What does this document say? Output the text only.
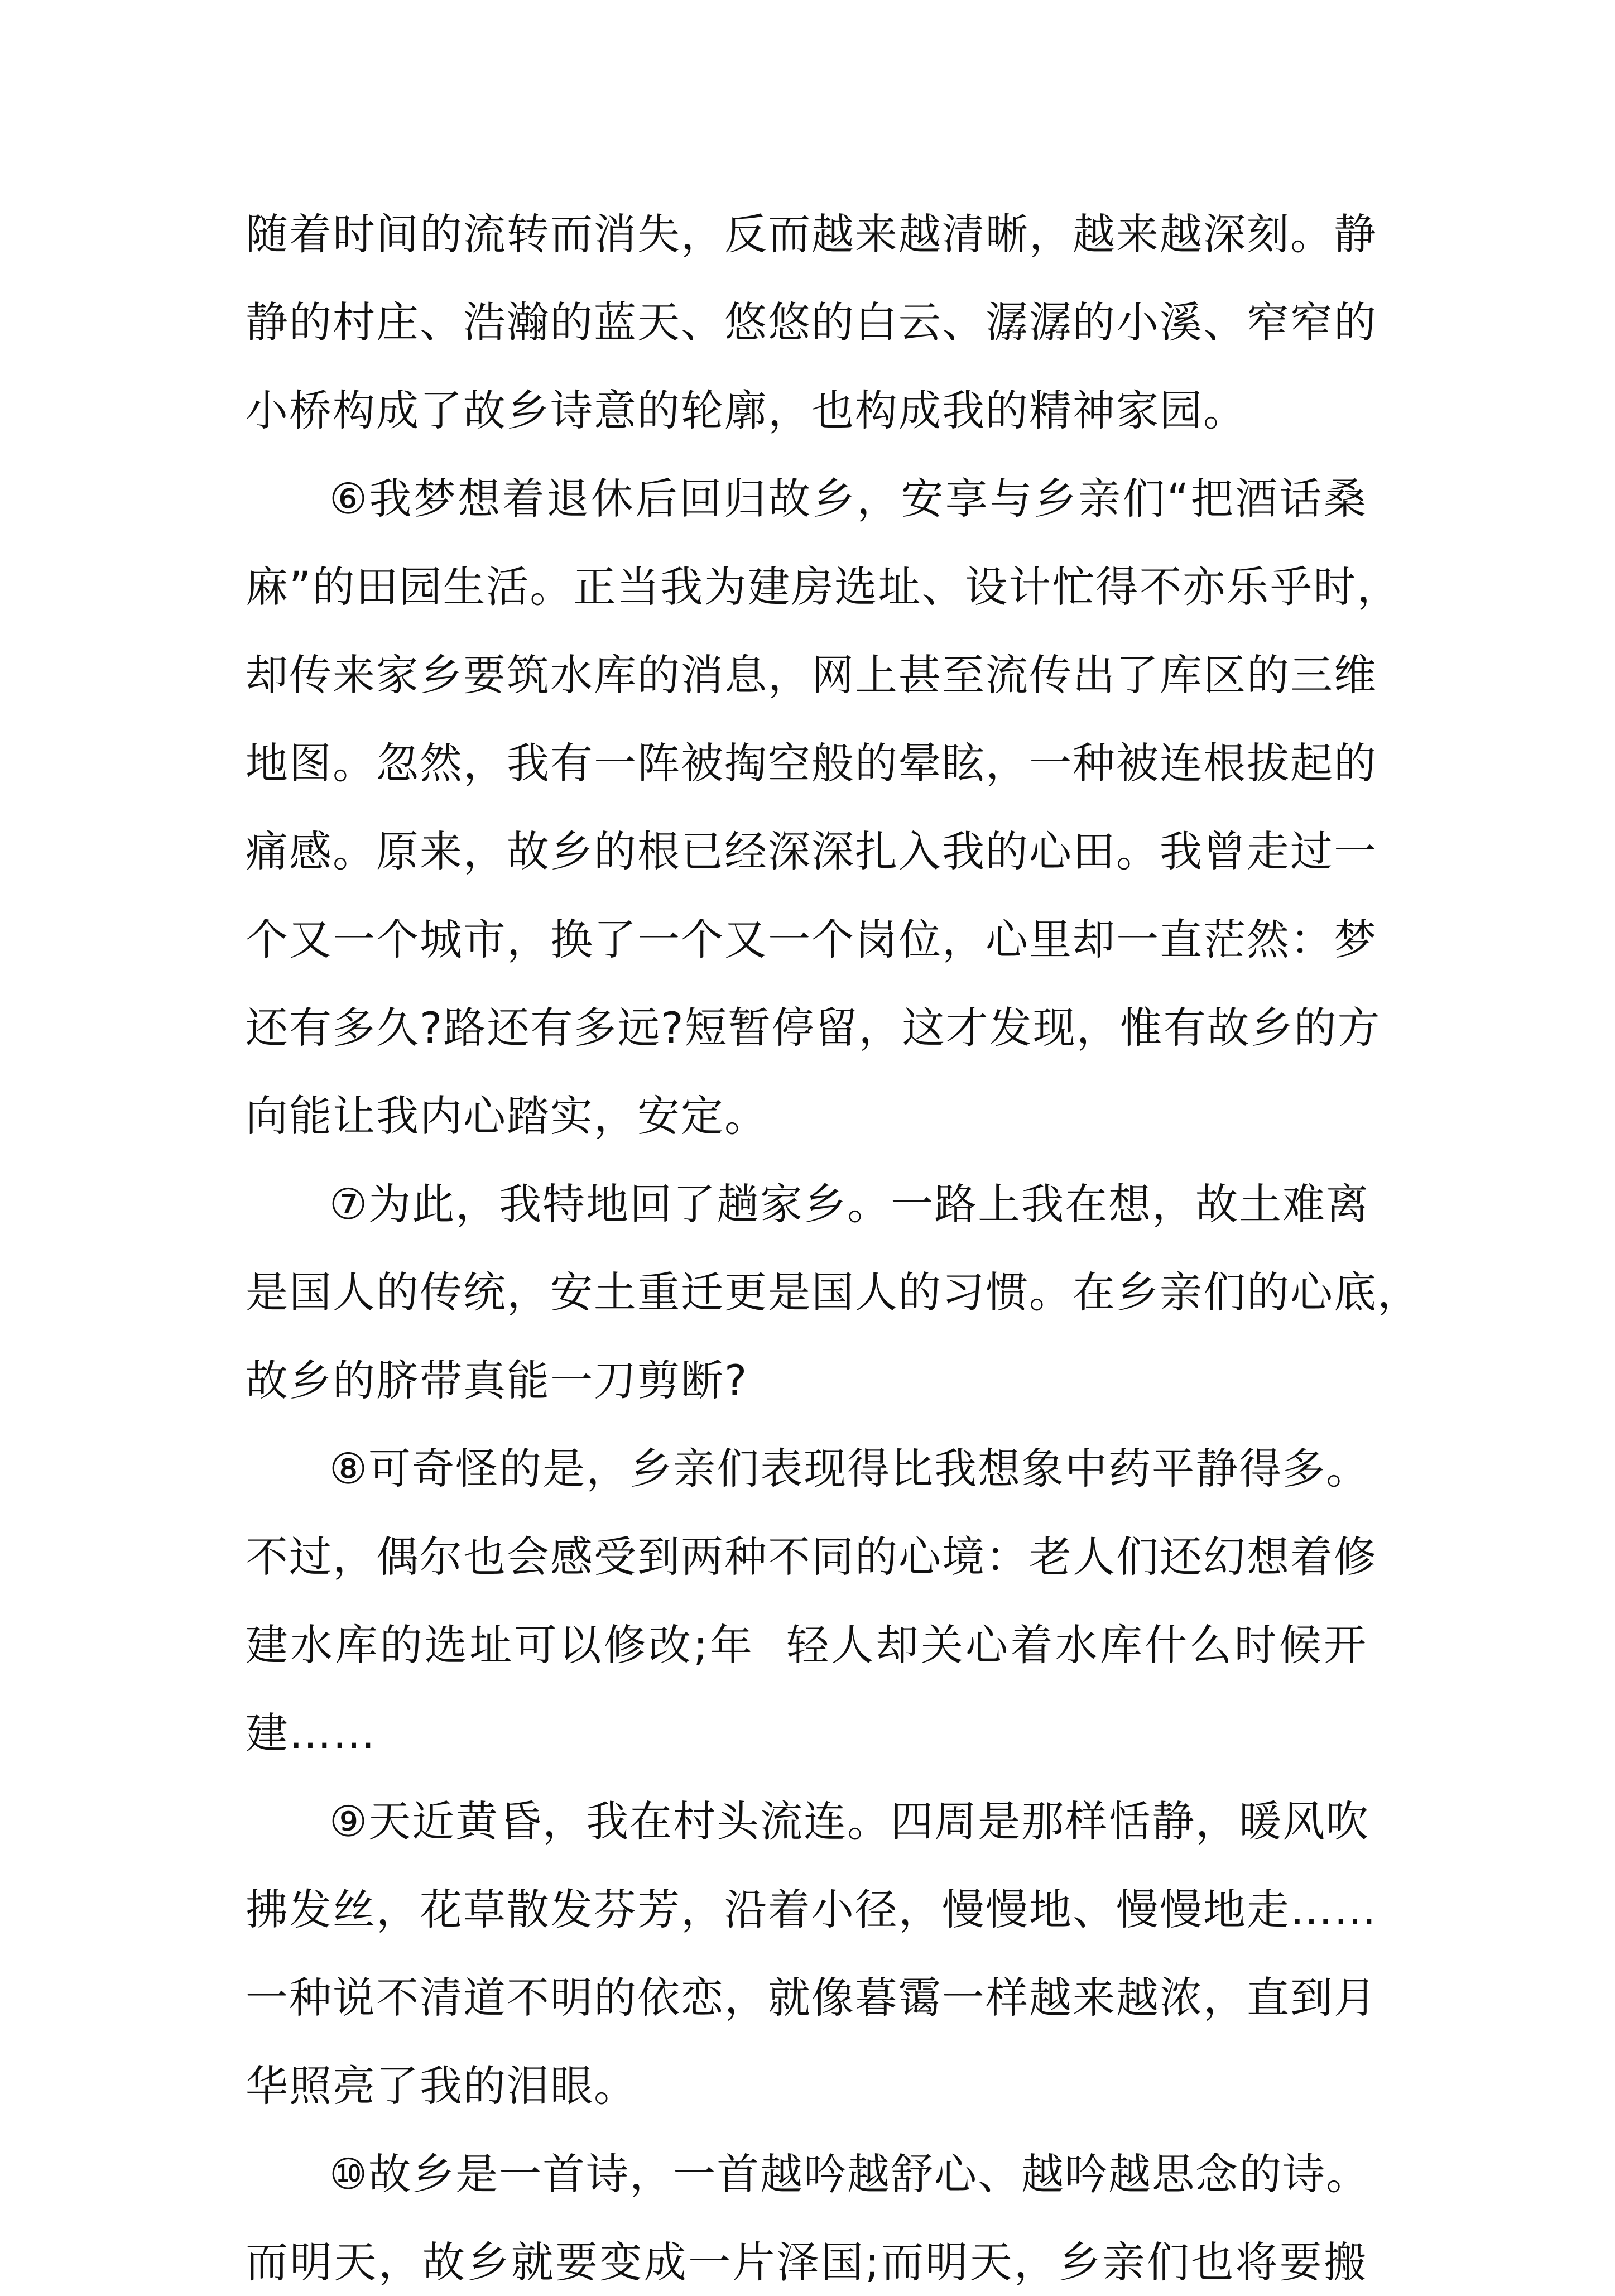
随着时间的流转而消失，反而越来越清晰，越来越深刻。静
静的村庄、浩瀚的蓝天、悠悠的白云、潺潺的小溪、窄窄的
小桥构成了故乡诗意的轮廓，也构成我的精神家园。
⑥我梦想着退休后回归故乡，安享与乡亲们“把酒话桑
麻”的田园生活。正当我为建房选址、设计忙得不亦乐乎时，
却传来家乡要筑水库的消息，网上甚至流传出了库区的三维
地图。忽然，我有一阵被掏空般的晕眩，一种被连根拔起的
痛感。原来，故乡的根已经深深扎入我的心田。我曾走过一
个又一个城市，换了一个又一个岗位，心里却一直茫然：梦
还有多久?路还有多远?短暂停留，这才发现，惟有故乡的方
向能让我内心踏实，安定。
⑦为此，我特地回了趟家乡。一路上我在想，故土难离
是国人的传统，安土重迁更是国人的习惯。在乡亲们的心底，
故乡的脐带真能一刀剪断?
⑧可奇怪的是，乡亲们表现得比我想象中药平静得多。
不过，偶尔也会感受到两种不同的心境：老人们还幻想着修
建水库的选址可以修改;年  轻人却关心着水库什么时候开
建……
⑨天近黄昏，我在村头流连。四周是那样恬静，暖风吹
拂发丝，花草散发芬芳，沿着小径，慢慢地、慢慢地走……
一种说不清道不明的依恋，就像暮霭一样越来越浓，直到月
华照亮了我的泪眼。
⑩故乡是一首诗，一首越吟越舒心、越吟越思念的诗。
而明天，故乡就要变成一片泽国;而明天，乡亲们也将要搬
